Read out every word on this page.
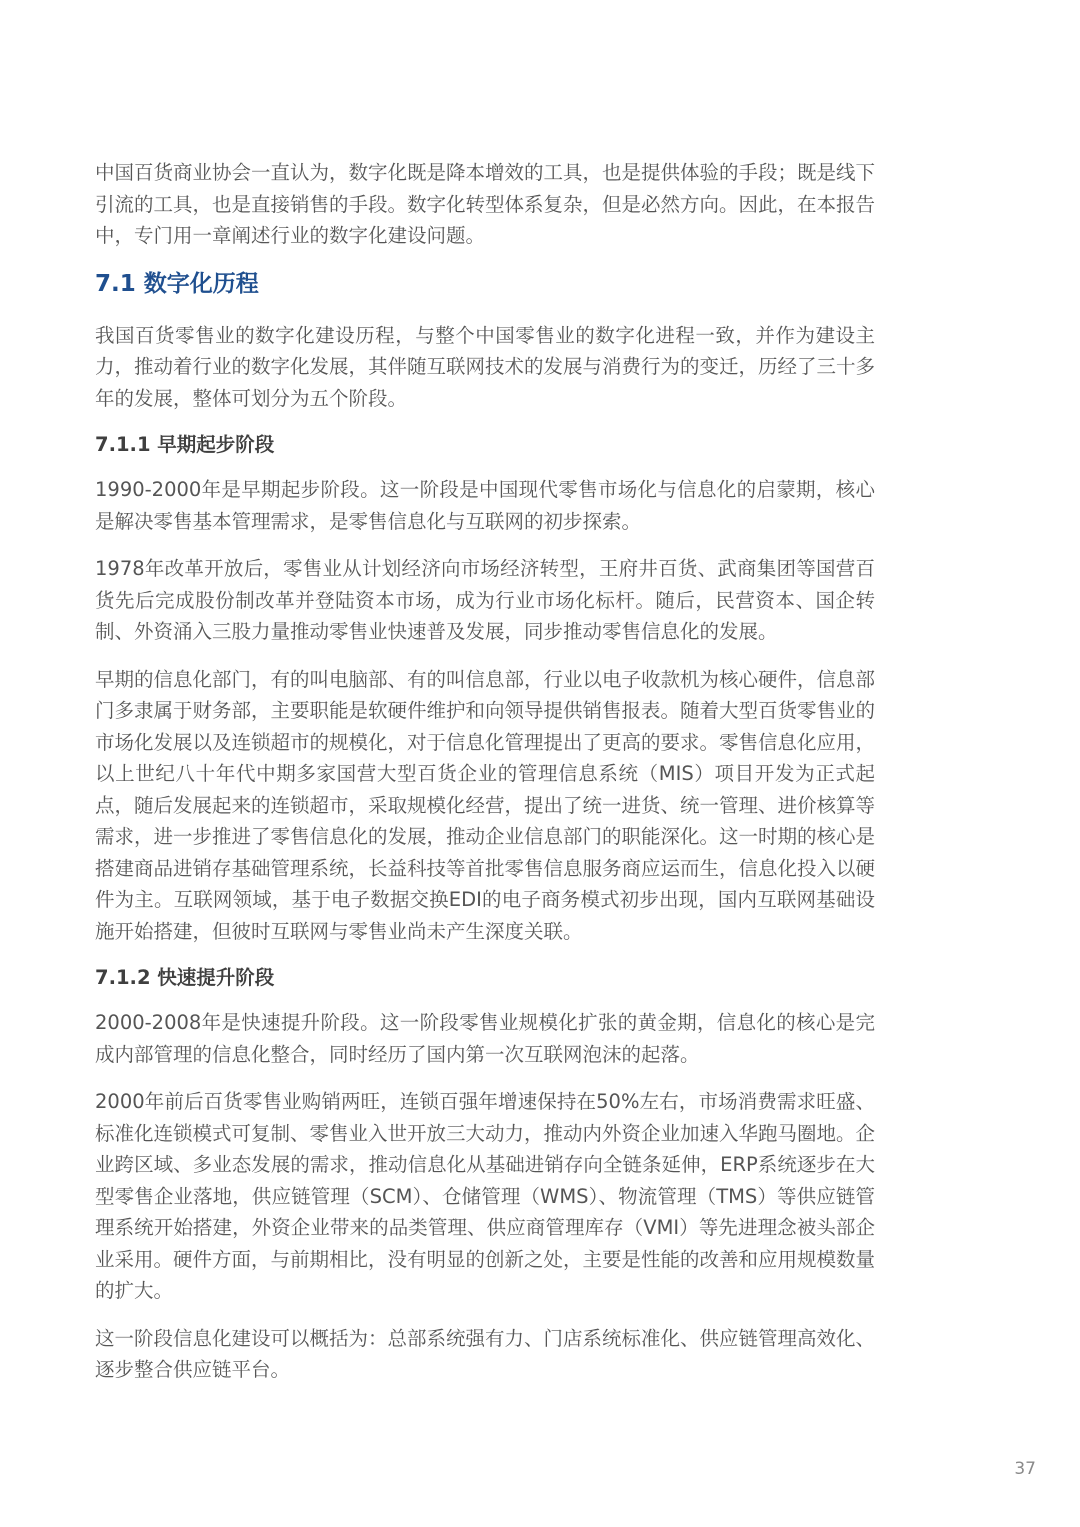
中国百货商业协会一直认为，数字化既是降本增效的工具，也是提供体验的手段；既是线下引流的工具，也是直接销售的手段。数字化转型体系复杂，但是必然方向。因此，在本报告中，专门用一章阐述行业的数字化建设问题。

7.1 数字化历程

我国百货零售业的数字化建设历程，与整个中国零售业的数字化进程一致，并作为建设主力，推动着行业的数字化发展，其伴随互联网技术的发展与消费行为的变迁，历经了三十多年的发展，整体可划分为五个阶段。

7.1.1 早期起步阶段

1990-2000年是早期起步阶段。这一阶段是中国现代零售市场化与信息化的启蒙期，核心是解决零售基本管理需求，是零售信息化与互联网的初步探索。

1978年改革开放后，零售业从计划经济向市场经济转型，王府井百货、武商集团等国营百货先后完成股份制改革并登陆资本市场，成为行业市场化标杆。随后，民营资本、国企转制、外资涌入三股力量推动零售业快速普及发展，同步推动零售信息化的发展。

早期的信息化部门，有的叫电脑部、有的叫信息部，行业以电子收款机为核心硬件，信息部门多隶属于财务部，主要职能是软硬件维护和向领导提供销售报表。随着大型百货零售业的市场化发展以及连锁超市的规模化，对于信息化管理提出了更高的要求。零售信息化应用，以上世纪八十年代中期多家国营大型百货企业的管理信息系统（MIS）项目开发为正式起点，随后发展起来的连锁超市，采取规模化经营，提出了统一进货、统一管理、进价核算等需求，进一步推进了零售信息化的发展，推动企业信息部门的职能深化。这一时期的核心是搭建商品进销存基础管理系统，长益科技等首批零售信息服务商应运而生，信息化投入以硬件为主。互联网领域，基于电子数据交换EDI的电子商务模式初步出现，国内互联网基础设施开始搭建，但彼时互联网与零售业尚未产生深度关联。

7.1.2 快速提升阶段

2000-2008年是快速提升阶段。这一阶段零售业规模化扩张的黄金期，信息化的核心是完成内部管理的信息化整合，同时经历了国内第一次互联网泡沫的起落。

2000年前后百货零售业购销两旺，连锁百强年增速保持在50%左右，市场消费需求旺盛、标准化连锁模式可复制、零售业入世开放三大动力，推动内外资企业加速入华跑马圈地。企业跨区域、多业态发展的需求，推动信息化从基础进销存向全链条延伸，ERP系统逐步在大型零售企业落地，供应链管理（SCM）、仓储管理（WMS）、物流管理（TMS）等供应链管理系统开始搭建，外资企业带来的品类管理、供应商管理库存（VMI）等先进理念被头部企业采用。硬件方面，与前期相比，没有明显的创新之处，主要是性能的改善和应用规模数量的扩大。

这一阶段信息化建设可以概括为：总部系统强有力、门店系统标准化、供应链管理高效化、逐步整合供应链平台。

37
